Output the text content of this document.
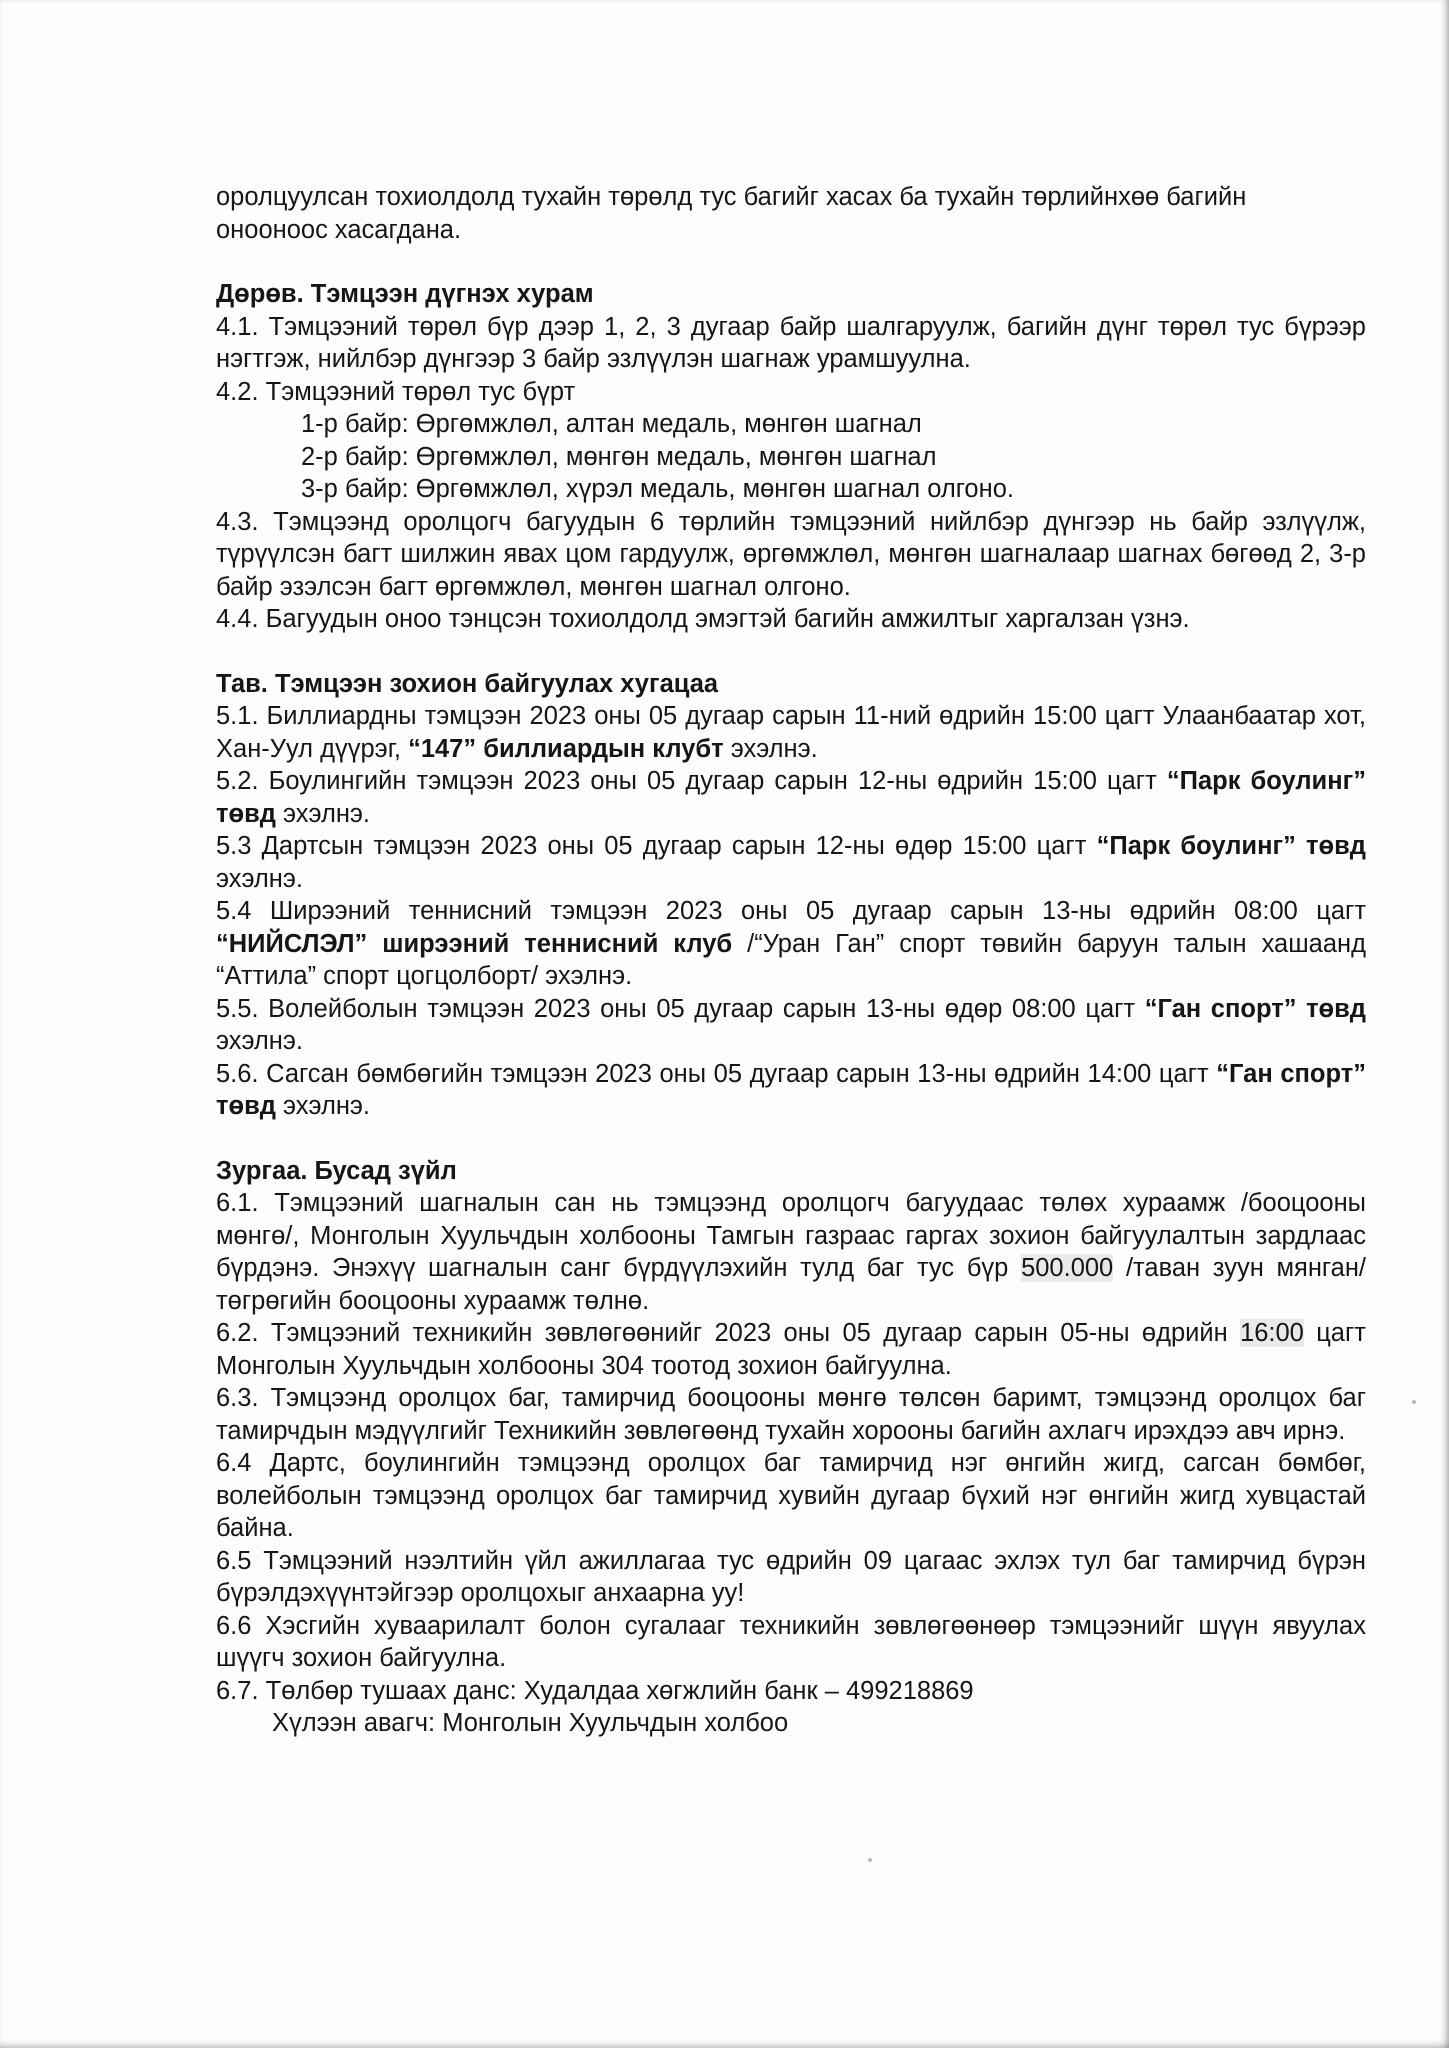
оролцуулсан тохиолдолд тухайн төрөлд тус багийг хасах ба тухайн төрлийнхөө багийн
онооноос хасагдана.

Дөрөв. Тэмцээн дүгнэх хурам

4.1. Тэмцээний төрөл бүр дээр 1, 2, 3 дугаар байр шалгаруулж, багийн дүнг төрөл тус бүрээр нэгтгэж, нийлбэр дүнгээр 3 байр эзлүүлэн шагнаж урамшуулна.

4.2. Тэмцээний төрөл тус бүрт

1-р байр: Өргөмжлөл, алтан медаль, мөнгөн шагнал

2-р байр: Өргөмжлөл, мөнгөн медаль, мөнгөн шагнал

3-р байр: Өргөмжлөл, хүрэл медаль, мөнгөн шагнал олгоно.

4.3. Тэмцээнд оролцогч багуудын 6 төрлийн тэмцээний нийлбэр дүнгээр нь байр эзлүүлж, түрүүлсэн багт шилжин явах цом гардуулж, өргөмжлөл, мөнгөн шагналаар шагнах бөгөөд 2, 3-р байр эзэлсэн багт өргөмжлөл, мөнгөн шагнал олгоно.

4.4. Багуудын оноо тэнцсэн тохиолдолд эмэгтэй багийн амжилтыг харгалзан үзнэ.

Тав. Тэмцээн зохион байгуулах хугацаа

5.1. Биллиардны тэмцээн 2023 оны 05 дугаар сарын 11-ний өдрийн 15:00 цагт Улаанбаатар хот, Хан-Уул дүүрэг, “147” биллиардын клубт эхэлнэ.

5.2. Боулингийн тэмцээн 2023 оны 05 дугаар сарын 12-ны өдрийн 15:00 цагт “Парк боулинг” төвд эхэлнэ.

5.3 Дартсын тэмцээн 2023 оны 05 дугаар сарын 12-ны өдөр 15:00 цагт “Парк боулинг” төвд эхэлнэ.

5.4 Ширээний теннисний тэмцээн 2023 оны 05 дугаар сарын 13-ны өдрийн 08:00 цагт “НИЙСЛЭЛ” ширээний теннисний клуб /“Уран Ган” спорт төвийн баруун талын хашаанд “Аттила” спорт цогцолборт/ эхэлнэ.

5.5. Волейболын тэмцээн 2023 оны 05 дугаар сарын 13-ны өдөр 08:00 цагт “Ган спорт” төвд эхэлнэ.

5.6. Сагсан бөмбөгийн тэмцээн 2023 оны 05 дугаар сарын 13-ны өдрийн 14:00 цагт “Ган спорт” төвд эхэлнэ.

Зургаа. Бусад зүйл

6.1. Тэмцээний шагналын сан нь тэмцээнд оролцогч багуудаас төлөх хураамж /бооцооны мөнгө/, Монголын Хуульчдын холбооны Тамгын газраас гаргах зохион байгуулалтын зардлаас бүрдэнэ. Энэхүү шагналын санг бүрдүүлэхийн тулд баг тус бүр 500.000 /таван зуун мянган/ төгрөгийн бооцооны хураамж төлнө.

6.2. Тэмцээний техникийн зөвлөгөөнийг 2023 оны 05 дугаар сарын 05-ны өдрийн 16:00 цагт Монголын Хуульчдын холбооны 304 тоотод зохион байгуулна.

6.3. Тэмцээнд оролцох баг, тамирчид бооцооны мөнгө төлсөн баримт, тэмцээнд оролцох баг тамирчдын мэдүүлгийг Техникийн зөвлөгөөнд тухайн хорооны багийн ахлагч ирэхдээ авч ирнэ.

6.4 Дартс, боулингийн тэмцээнд оролцох баг тамирчид нэг өнгийн жигд, сагсан бөмбөг, волейболын тэмцээнд оролцох баг тамирчид хувийн дугаар бүхий нэг өнгийн жигд хувцастай байна.

6.5 Тэмцээний нээлтийн үйл ажиллагаа тус өдрийн 09 цагаас эхлэх тул баг тамирчид бүрэн бүрэлдэхүүнтэйгээр оролцохыг анхаарна уу!

6.6 Хэсгийн хуваарилалт болон сугалааг техникийн зөвлөгөөнөөр тэмцээнийг шүүн явуулах шүүгч зохион байгуулна.

6.7. Төлбөр тушаах данс: Худалдаа хөгжлийн банк – 499218869

Хүлээн авагч: Монголын Хуульчдын холбоо
